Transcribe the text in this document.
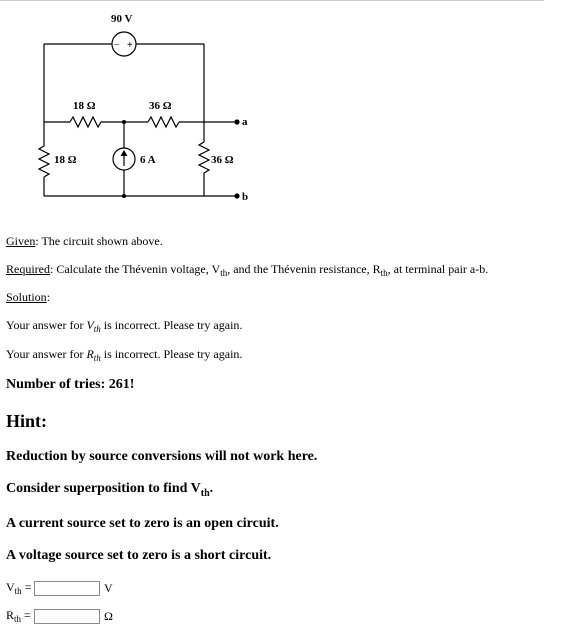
90 V
− +
18 Ω	36 Ω
18 Ω	6 A	36 Ω
a
b
Given: The circuit shown above.
Required: Calculate the Thévenin voltage, $V_{th}$, and the Thévenin resistance, $R_{th}$, at terminal pair a-b.
Solution:
Your answer for $V_{th}$ is incorrect. Please try again.
Your answer for $R_{th}$ is incorrect. Please try again.
Number of tries: 261!
Hint:
Reduction by source conversions will not work here.
Consider superposition to find $V_{th}$.
A current source set to zero is an open circuit.
A voltage source set to zero is a short circuit.
$V_{th}$ =	V
$R_{th}$ =	Ω
